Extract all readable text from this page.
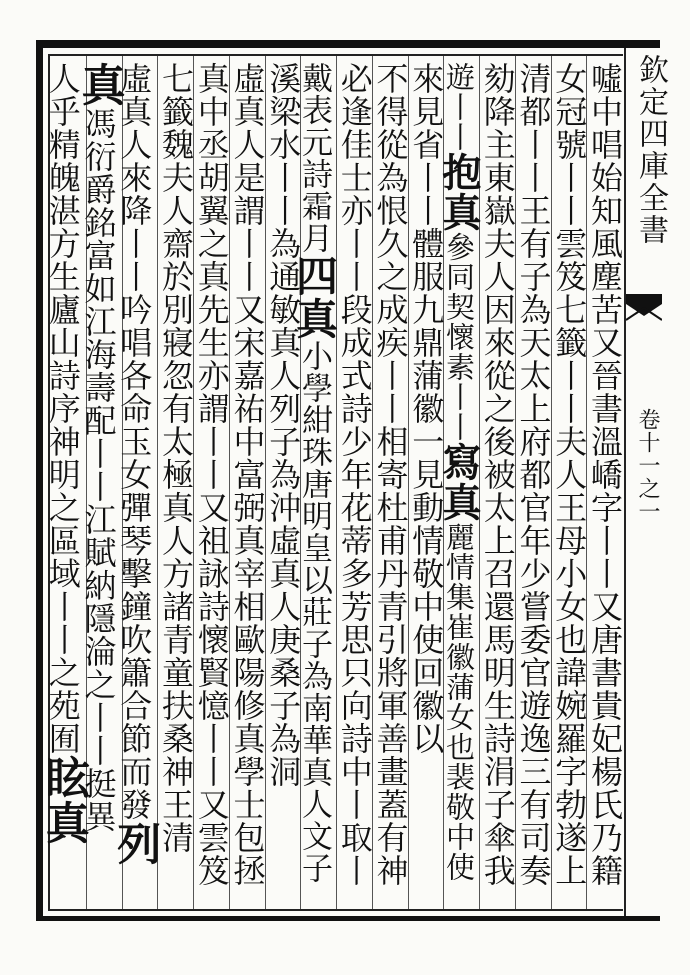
欽定四庫全書
卷十一之一
噓中唱始知風塵苦又晉書溫嶠字丨丨又唐書貴妃楊氏乃籍
女冠號丨丨雲笈七籤丨丨夫人王母小女也諱婉羅字勃遂上
清都丨丨王有子為天太上府都官年少嘗委官遊逸三有司奏
劾降主東嶽夫人因來從之後被太上召還馬明生詩涓子傘我
遊丨丨抱真參同契懷素丨丨寫真麗情集崔徽蒲女也裴敬中使
來見省丨丨體服九鼎蒲徽一見動情敬中使回徽以
不得從為恨久之成疾丨丨相寄杜甫丹青引將軍善畫蓋有神
必逢佳士亦丨丨段成式詩少年花蒂多芳思只向詩中丨取丨
戴表元詩霜月四真小學紺珠唐明皇以莊子為南華真人文子
溪梁水丨丨為通敏真人列子為沖虛真人庚桑子為洞
虛真人是謂丨丨又宋嘉祐中富弼真宰相歐陽修真學士包拯
真中丞胡翼之真先生亦謂丨丨又祖詠詩懷賢憶丨丨又雲笈
七籤魏夫人齋於別寢忽有太極真人方諸青童扶桑神王清
虛真人來降丨丨吟唱各命玉女彈琴擊鐘吹簫合節而發列
真馮衍爵銘富如江海壽配丨丨江賦納隱淪之丨丨挺異
人乎精魄湛方生廬山詩序神明之區域丨丨之苑囿眩真
